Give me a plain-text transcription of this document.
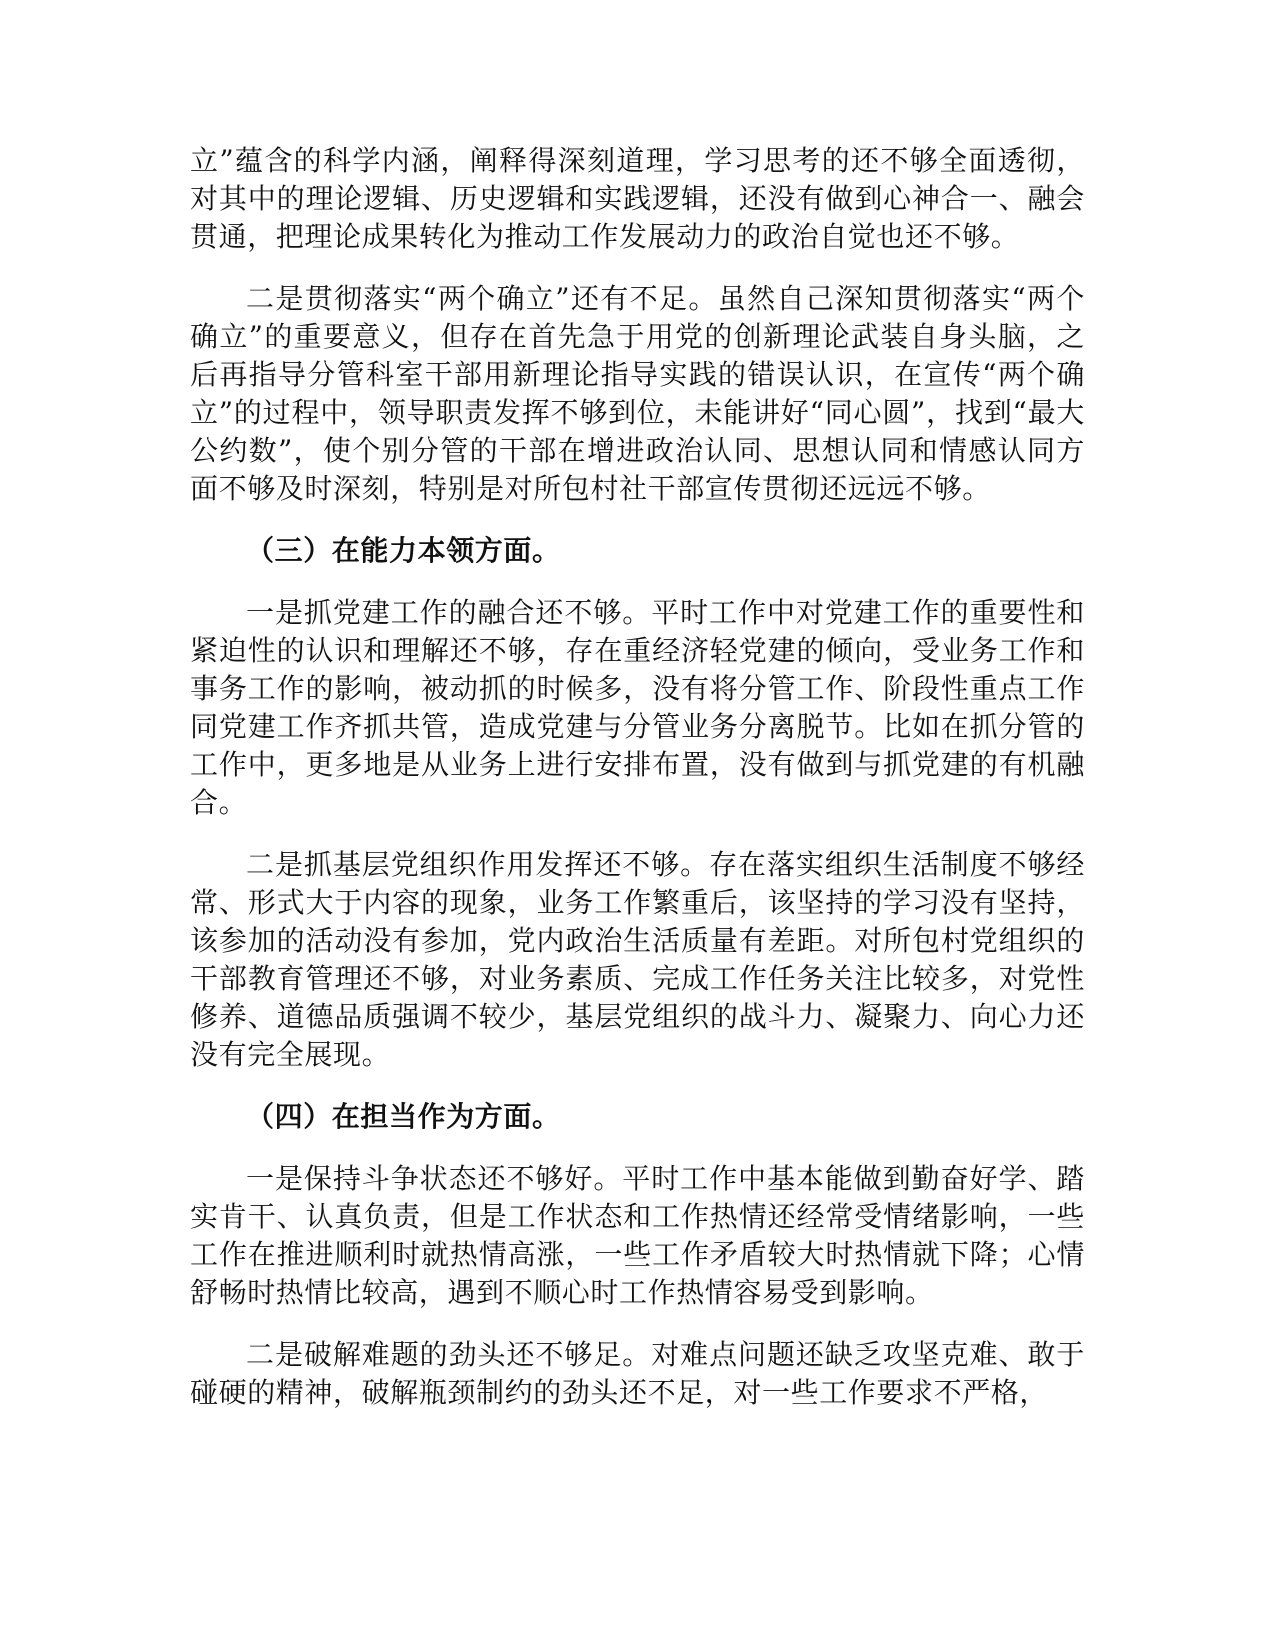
立”蕴含的科学内涵，阐释得深刻道理，学习思考的还不够全面透彻，对其中的理论逻辑、历史逻辑和实践逻辑，还没有做到心神合一、融会贯通，把理论成果转化为推动工作发展动力的政治自觉也还不够。

二是贯彻落实“两个确立”还有不足。虽然自己深知贯彻落实“两个确立”的重要意义，但存在首先急于用党的创新理论武装自身头脑，之后再指导分管科室干部用新理论指导实践的错误认识，在宣传“两个确立”的过程中，领导职责发挥不够到位，未能讲好“同心圆”，找到“最大公约数”，使个别分管的干部在增进政治认同、思想认同和情感认同方面不够及时深刻，特别是对所包村社干部宣传贯彻还远远不够。

（三）在能力本领方面。

一是抓党建工作的融合还不够。平时工作中对党建工作的重要性和紧迫性的认识和理解还不够，存在重经济轻党建的倾向，受业务工作和事务工作的影响，被动抓的时候多，没有将分管工作、阶段性重点工作同党建工作齐抓共管，造成党建与分管业务分离脱节。比如在抓分管的工作中，更多地是从业务上进行安排布置，没有做到与抓党建的有机融合。

二是抓基层党组织作用发挥还不够。存在落实组织生活制度不够经常、形式大于内容的现象，业务工作繁重后，该坚持的学习没有坚持，该参加的活动没有参加，党内政治生活质量有差距。对所包村党组织的干部教育管理还不够，对业务素质、完成工作任务关注比较多，对党性修养、道德品质强调不较少，基层党组织的战斗力、凝聚力、向心力还没有完全展现。

（四）在担当作为方面。

一是保持斗争状态还不够好。平时工作中基本能做到勤奋好学、踏实肯干、认真负责，但是工作状态和工作热情还经常受情绪影响，一些工作在推进顺利时就热情高涨，一些工作矛盾较大时热情就下降；心情舒畅时热情比较高，遇到不顺心时工作热情容易受到影响。

二是破解难题的劲头还不够足。对难点问题还缺乏攻坚克难、敢于碰硬的精神，破解瓶颈制约的劲头还不足，对一些工作要求不严格，
